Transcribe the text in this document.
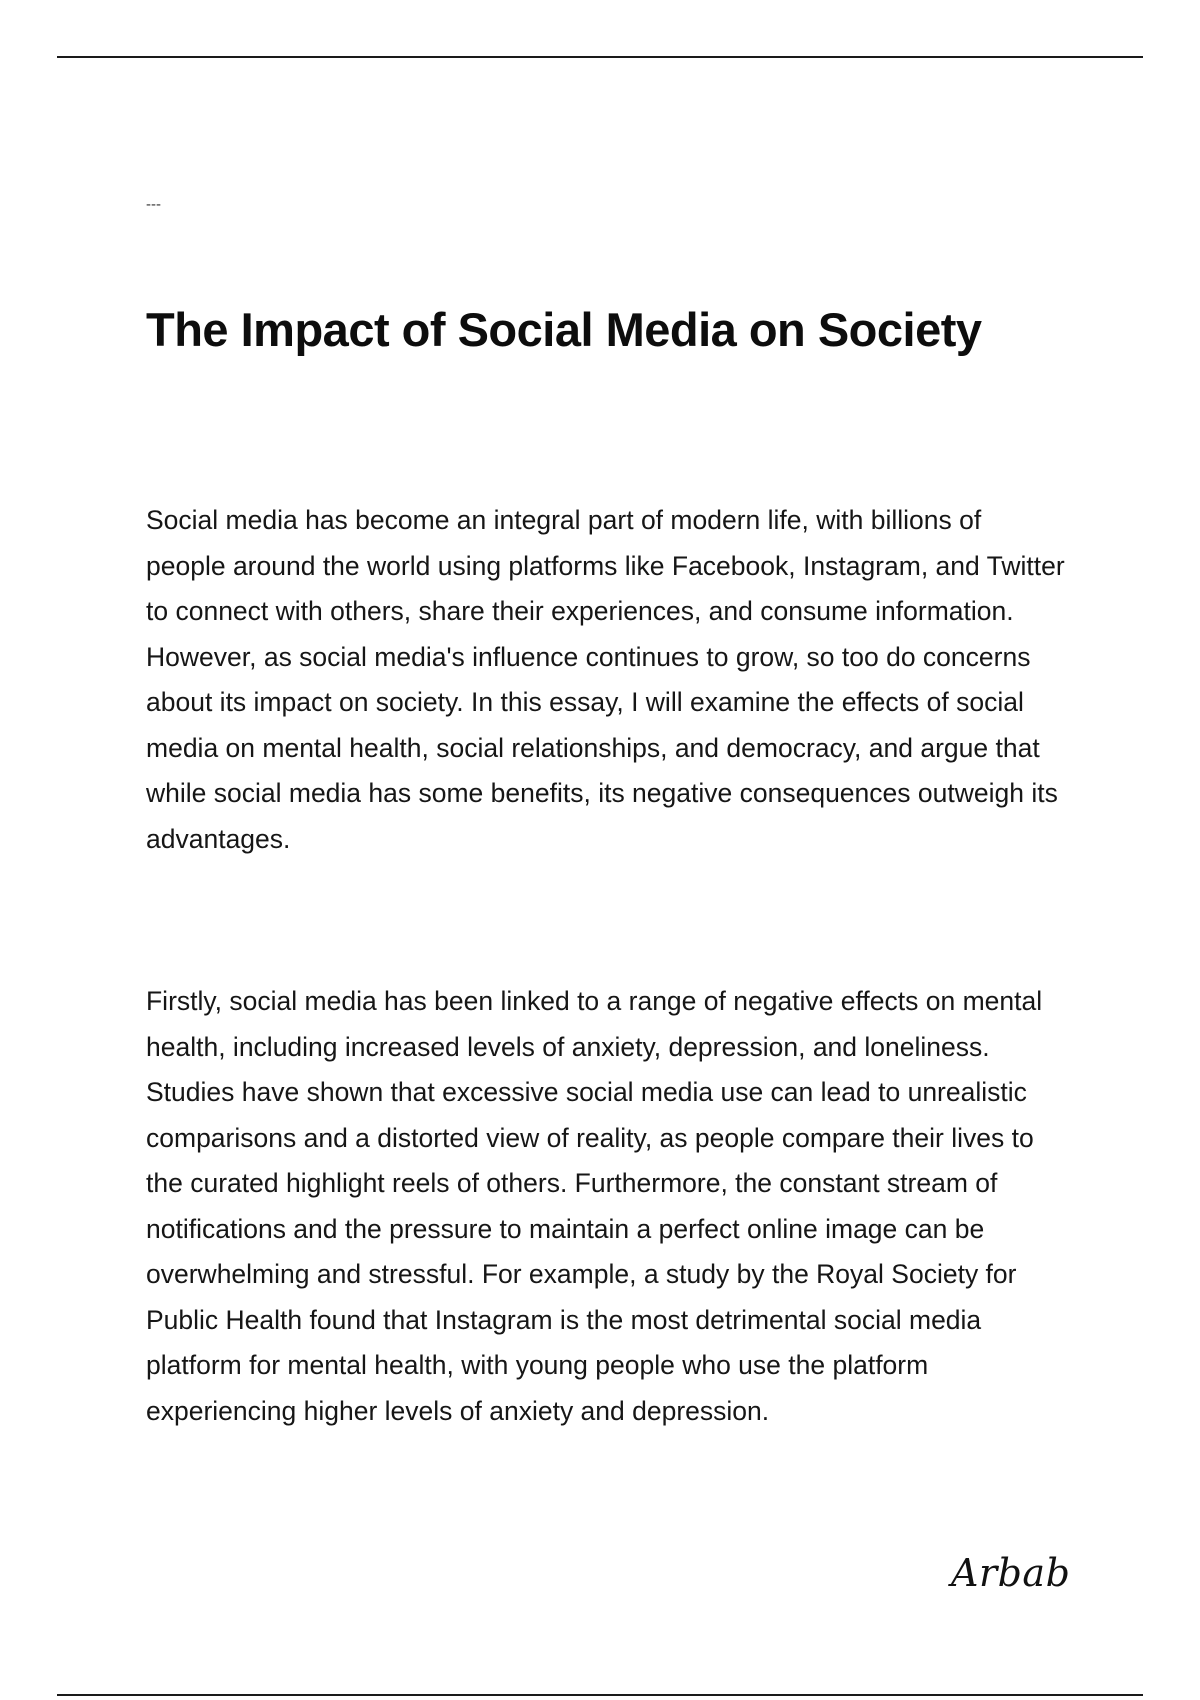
---
The Impact of Social Media on Society

Social media has become an integral part of modern life, with billions of people around the world using platforms like Facebook, Instagram, and Twitter to connect with others, share their experiences, and consume information. However, as social media's influence continues to grow, so too do concerns about its impact on society. In this essay, I will examine the effects of social media on mental health, social relationships, and democracy, and argue that while social media has some benefits, its negative consequences outweigh its advantages.

Firstly, social media has been linked to a range of negative effects on mental health, including increased levels of anxiety, depression, and loneliness. Studies have shown that excessive social media use can lead to unrealistic comparisons and a distorted view of reality, as people compare their lives to the curated highlight reels of others. Furthermore, the constant stream of notifications and the pressure to maintain a perfect online image can be overwhelming and stressful. For example, a study by the Royal Society for Public Health found that Instagram is the most detrimental social media platform for mental health, with young people who use the platform experiencing higher levels of anxiety and depression.

Arbab
